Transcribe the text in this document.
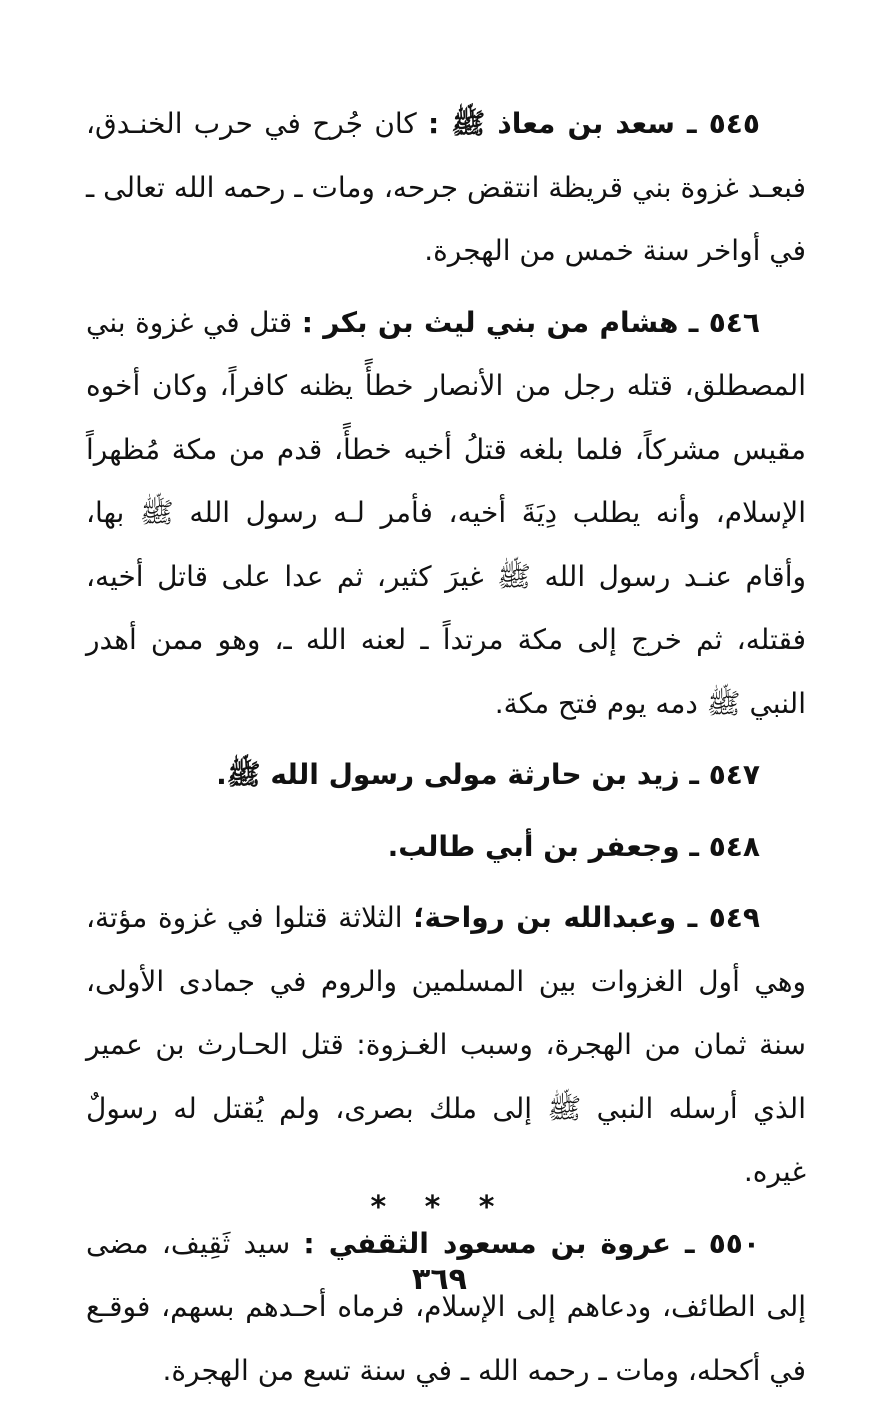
٥٤٥ ـ سعد بن معاذ ﷺ : كان جُرح في حرب الخنـدق، فبعـد غزوة بني قريظة انتقض جرحه، ومات ـ رحمه الله تعالى ـ في أواخر سنة خمس من الهجرة.

٥٤٦ ـ هشام من بني ليث بن بكر : قتل في غزوة بني المصطلق، قتله رجل من الأنصار خطأً يظنه كافراً، وكان أخوه مقيس مشركاً، فلما بلغه قتلُ أخيه خطأً، قدم من مكة مُظهراً الإسلام، وأنه يطلب دِيَةَ أخيه، فأمر لـه رسول الله ﷺ بها، وأقام عنـد رسول الله ﷺ غيرَ كثير، ثم عدا على قاتل أخيه، فقتله، ثم خرج إلى مكة مرتداً ـ لعنه الله ـ، وهو ممن أهدر النبي ﷺ دمه يوم فتح مكة.

٥٤٧ ـ زيد بن حارثة مولى رسول الله ﷺ.

٥٤٨ ـ وجعفر بن أبي طالب.

٥٤٩ ـ وعبدالله بن رواحة؛ الثلاثة قتلوا في غزوة مؤتة، وهي أول الغزوات بين المسلمين والروم في جمادى الأولى، سنة ثمان من الهجرة، وسبب الغـزوة: قتل الحـارث بن عمير الذي أرسله النبي ﷺ إلى ملك بصرى، ولم يُقتل له رسولٌ غيره.

٥٥٠ ـ عروة بن مسعود الثقفي : سيد ثَقِيف، مضى إلى الطائف، ودعاهم إلى الإسلام، فرماه أحـدهم بسهم، فوقـع في أكحله، ومات ـ رحمه الله ـ في سنة تسع من الهجرة.

* * *
٣٦٩
